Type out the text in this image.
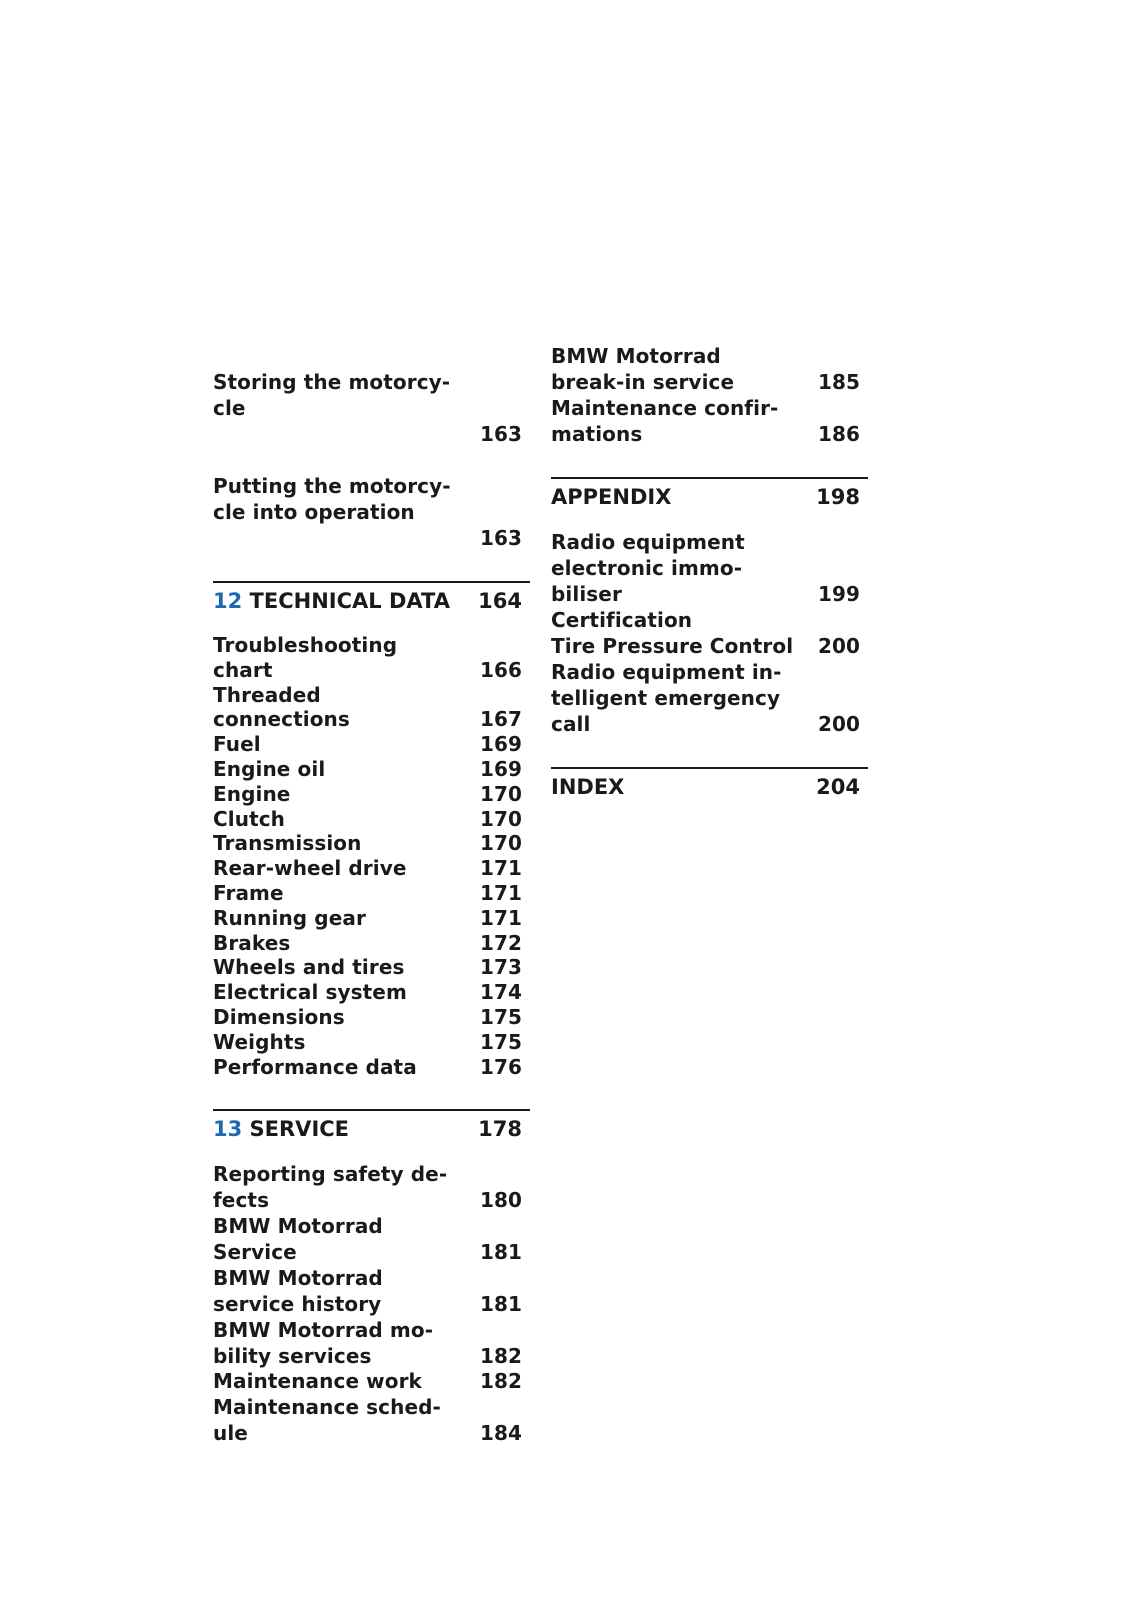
Storing the motorcy-
cle

163

Putting the motorcy-
cle into operation

163

12 TECHNICAL DATA 164
Troubleshooting chart	166
Threaded connections	167
Fuel	169
Engine oil	169
Engine	170
Clutch	170
Transmission	170
Rear-wheel drive	171
Frame	171
Running gear	171
Brakes	172
Wheels and tires	173
Electrical system	174
Dimensions	175
Weights	175
Performance data	176
13 SERVICE	178
Reporting safety de-
fects	180
BMW Motorrad
Service	181
BMW Motorrad
service history	181
BMW Motorrad mo-
bility services	182
Maintenance work	182
Maintenance sched-
ule	184
BMW Motorrad
break-in service	185
Maintenance confir-
mations	186
APPENDIX	198
Radio equipment
electronic immo-
biliser	199
Certification
Tire Pressure Control 200
Radio equipment in-
telligent emergency
call	200
INDEX	204
